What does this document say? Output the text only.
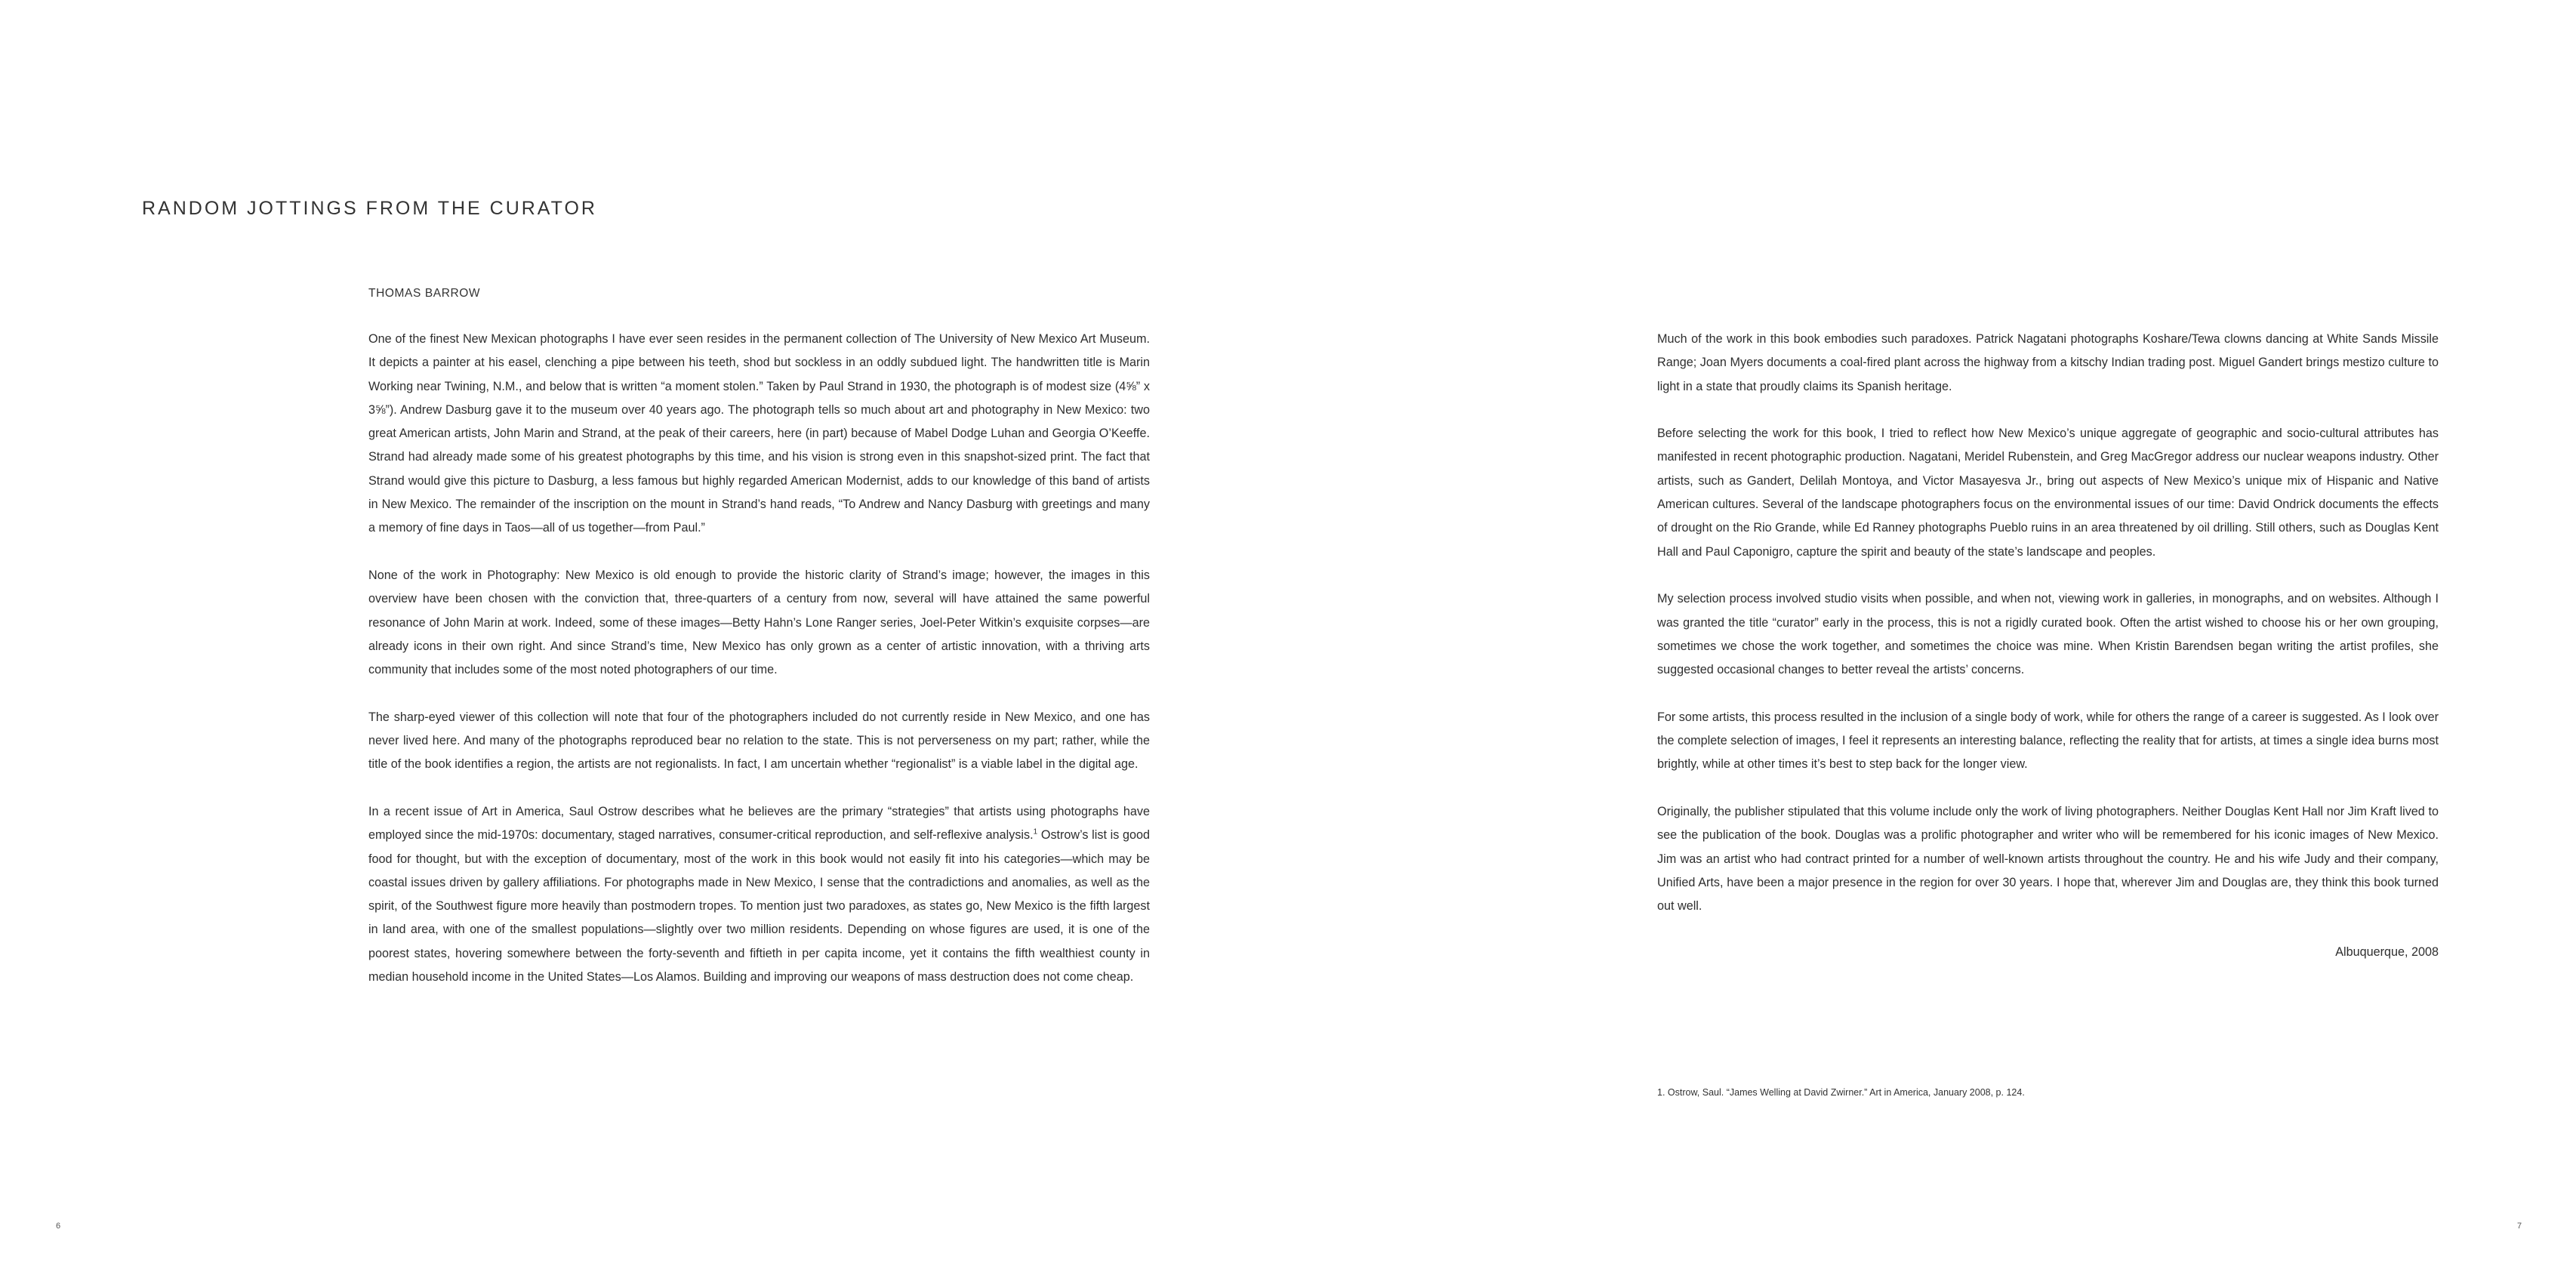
RANDOM JOTTINGS FROM THE CURATOR

THOMAS BARROW

One of the finest New Mexican photographs I have ever seen resides in the permanent collection of The University of New Mexico Art Museum. It depicts a painter at his easel, clenching a pipe between his teeth, shod but sockless in an oddly subdued light. The handwritten title is Marin Working near Twining, N.M., and below that is written “a moment stolen.” Taken by Paul Strand in 1930, the photograph is of modest size (4⅝” x 3⅝”). Andrew Dasburg gave it to the museum over 40 years ago. The photograph tells so much about art and photography in New Mexico: two great American artists, John Marin and Strand, at the peak of their careers, here (in part) because of Mabel Dodge Luhan and Georgia O’Keeffe. Strand had already made some of his greatest photographs by this time, and his vision is strong even in this snapshot-sized print. The fact that Strand would give this picture to Dasburg, a less famous but highly regarded American Modernist, adds to our knowledge of this band of artists in New Mexico. The remainder of the inscription on the mount in Strand’s hand reads, “To Andrew and Nancy Dasburg with greetings and many a memory of fine days in Taos—all of us together—from Paul.”

None of the work in Photography: New Mexico is old enough to provide the historic clarity of Strand’s image; however, the images in this overview have been chosen with the conviction that, three-quarters of a century from now, several will have attained the same powerful resonance of John Marin at work. Indeed, some of these images—Betty Hahn’s Lone Ranger series, Joel-Peter Witkin’s exquisite corpses—are already icons in their own right. And since Strand’s time, New Mexico has only grown as a center of artistic innovation, with a thriving arts community that includes some of the most noted photographers of our time.

The sharp-eyed viewer of this collection will note that four of the photographers included do not currently reside in New Mexico, and one has never lived here. And many of the photographs reproduced bear no relation to the state. This is not perverseness on my part; rather, while the title of the book identifies a region, the artists are not regionalists. In fact, I am uncertain whether “regionalist” is a viable label in the digital age.

In a recent issue of Art in America, Saul Ostrow describes what he believes are the primary “strategies” that artists using photographs have employed since the mid-1970s: documentary, staged narratives, consumer-critical reproduction, and self-reflexive analysis.$^1$ Ostrow’s list is good food for thought, but with the exception of documentary, most of the work in this book would not easily fit into his categories—which may be coastal issues driven by gallery affiliations. For photographs made in New Mexico, I sense that the contradictions and anomalies, as well as the spirit, of the Southwest figure more heavily than postmodern tropes. To mention just two paradoxes, as states go, New Mexico is the fifth largest in land area, with one of the smallest populations—slightly over two million residents. Depending on whose figures are used, it is one of the poorest states, hovering somewhere between the forty-seventh and fiftieth in per capita income, yet it contains the fifth wealthiest county in median household income in the United States—Los Alamos. Building and improving our weapons of mass destruction does not come cheap.

Much of the work in this book embodies such paradoxes. Patrick Nagatani photographs Koshare/Tewa clowns dancing at White Sands Missile Range; Joan Myers documents a coal-fired plant across the highway from a kitschy Indian trading post. Miguel Gandert brings mestizo culture to light in a state that proudly claims its Spanish heritage.

Before selecting the work for this book, I tried to reflect how New Mexico’s unique aggregate of geographic and socio-cultural attributes has manifested in recent photographic production. Nagatani, Meridel Rubenstein, and Greg MacGregor address our nuclear weapons industry. Other artists, such as Gandert, Delilah Montoya, and Victor Masayesva Jr., bring out aspects of New Mexico’s unique mix of Hispanic and Native American cultures. Several of the landscape photographers focus on the environmental issues of our time: David Ondrick documents the effects of drought on the Rio Grande, while Ed Ranney photographs Pueblo ruins in an area threatened by oil drilling. Still others, such as Douglas Kent Hall and Paul Caponigro, capture the spirit and beauty of the state’s landscape and peoples.

My selection process involved studio visits when possible, and when not, viewing work in galleries, in monographs, and on websites. Although I was granted the title “curator” early in the process, this is not a rigidly curated book. Often the artist wished to choose his or her own grouping, sometimes we chose the work together, and sometimes the choice was mine. When Kristin Barendsen began writing the artist profiles, she suggested occasional changes to better reveal the artists’ concerns.

For some artists, this process resulted in the inclusion of a single body of work, while for others the range of a career is suggested. As I look over the complete selection of images, I feel it represents an interesting balance, reflecting the reality that for artists, at times a single idea burns most brightly, while at other times it’s best to step back for the longer view.

Originally, the publisher stipulated that this volume include only the work of living photographers. Neither Douglas Kent Hall nor Jim Kraft lived to see the publication of the book. Douglas was a prolific photographer and writer who will be remembered for his iconic images of New Mexico. Jim was an artist who had contract printed for a number of well-known artists throughout the country. He and his wife Judy and their company, Unified Arts, have been a major presence in the region for over 30 years. I hope that, wherever Jim and Douglas are, they think this book turned out well.

Albuquerque, 2008

1. Ostrow, Saul. “James Welling at David Zwirner.” Art in America, January 2008, p. 124.

6	7
